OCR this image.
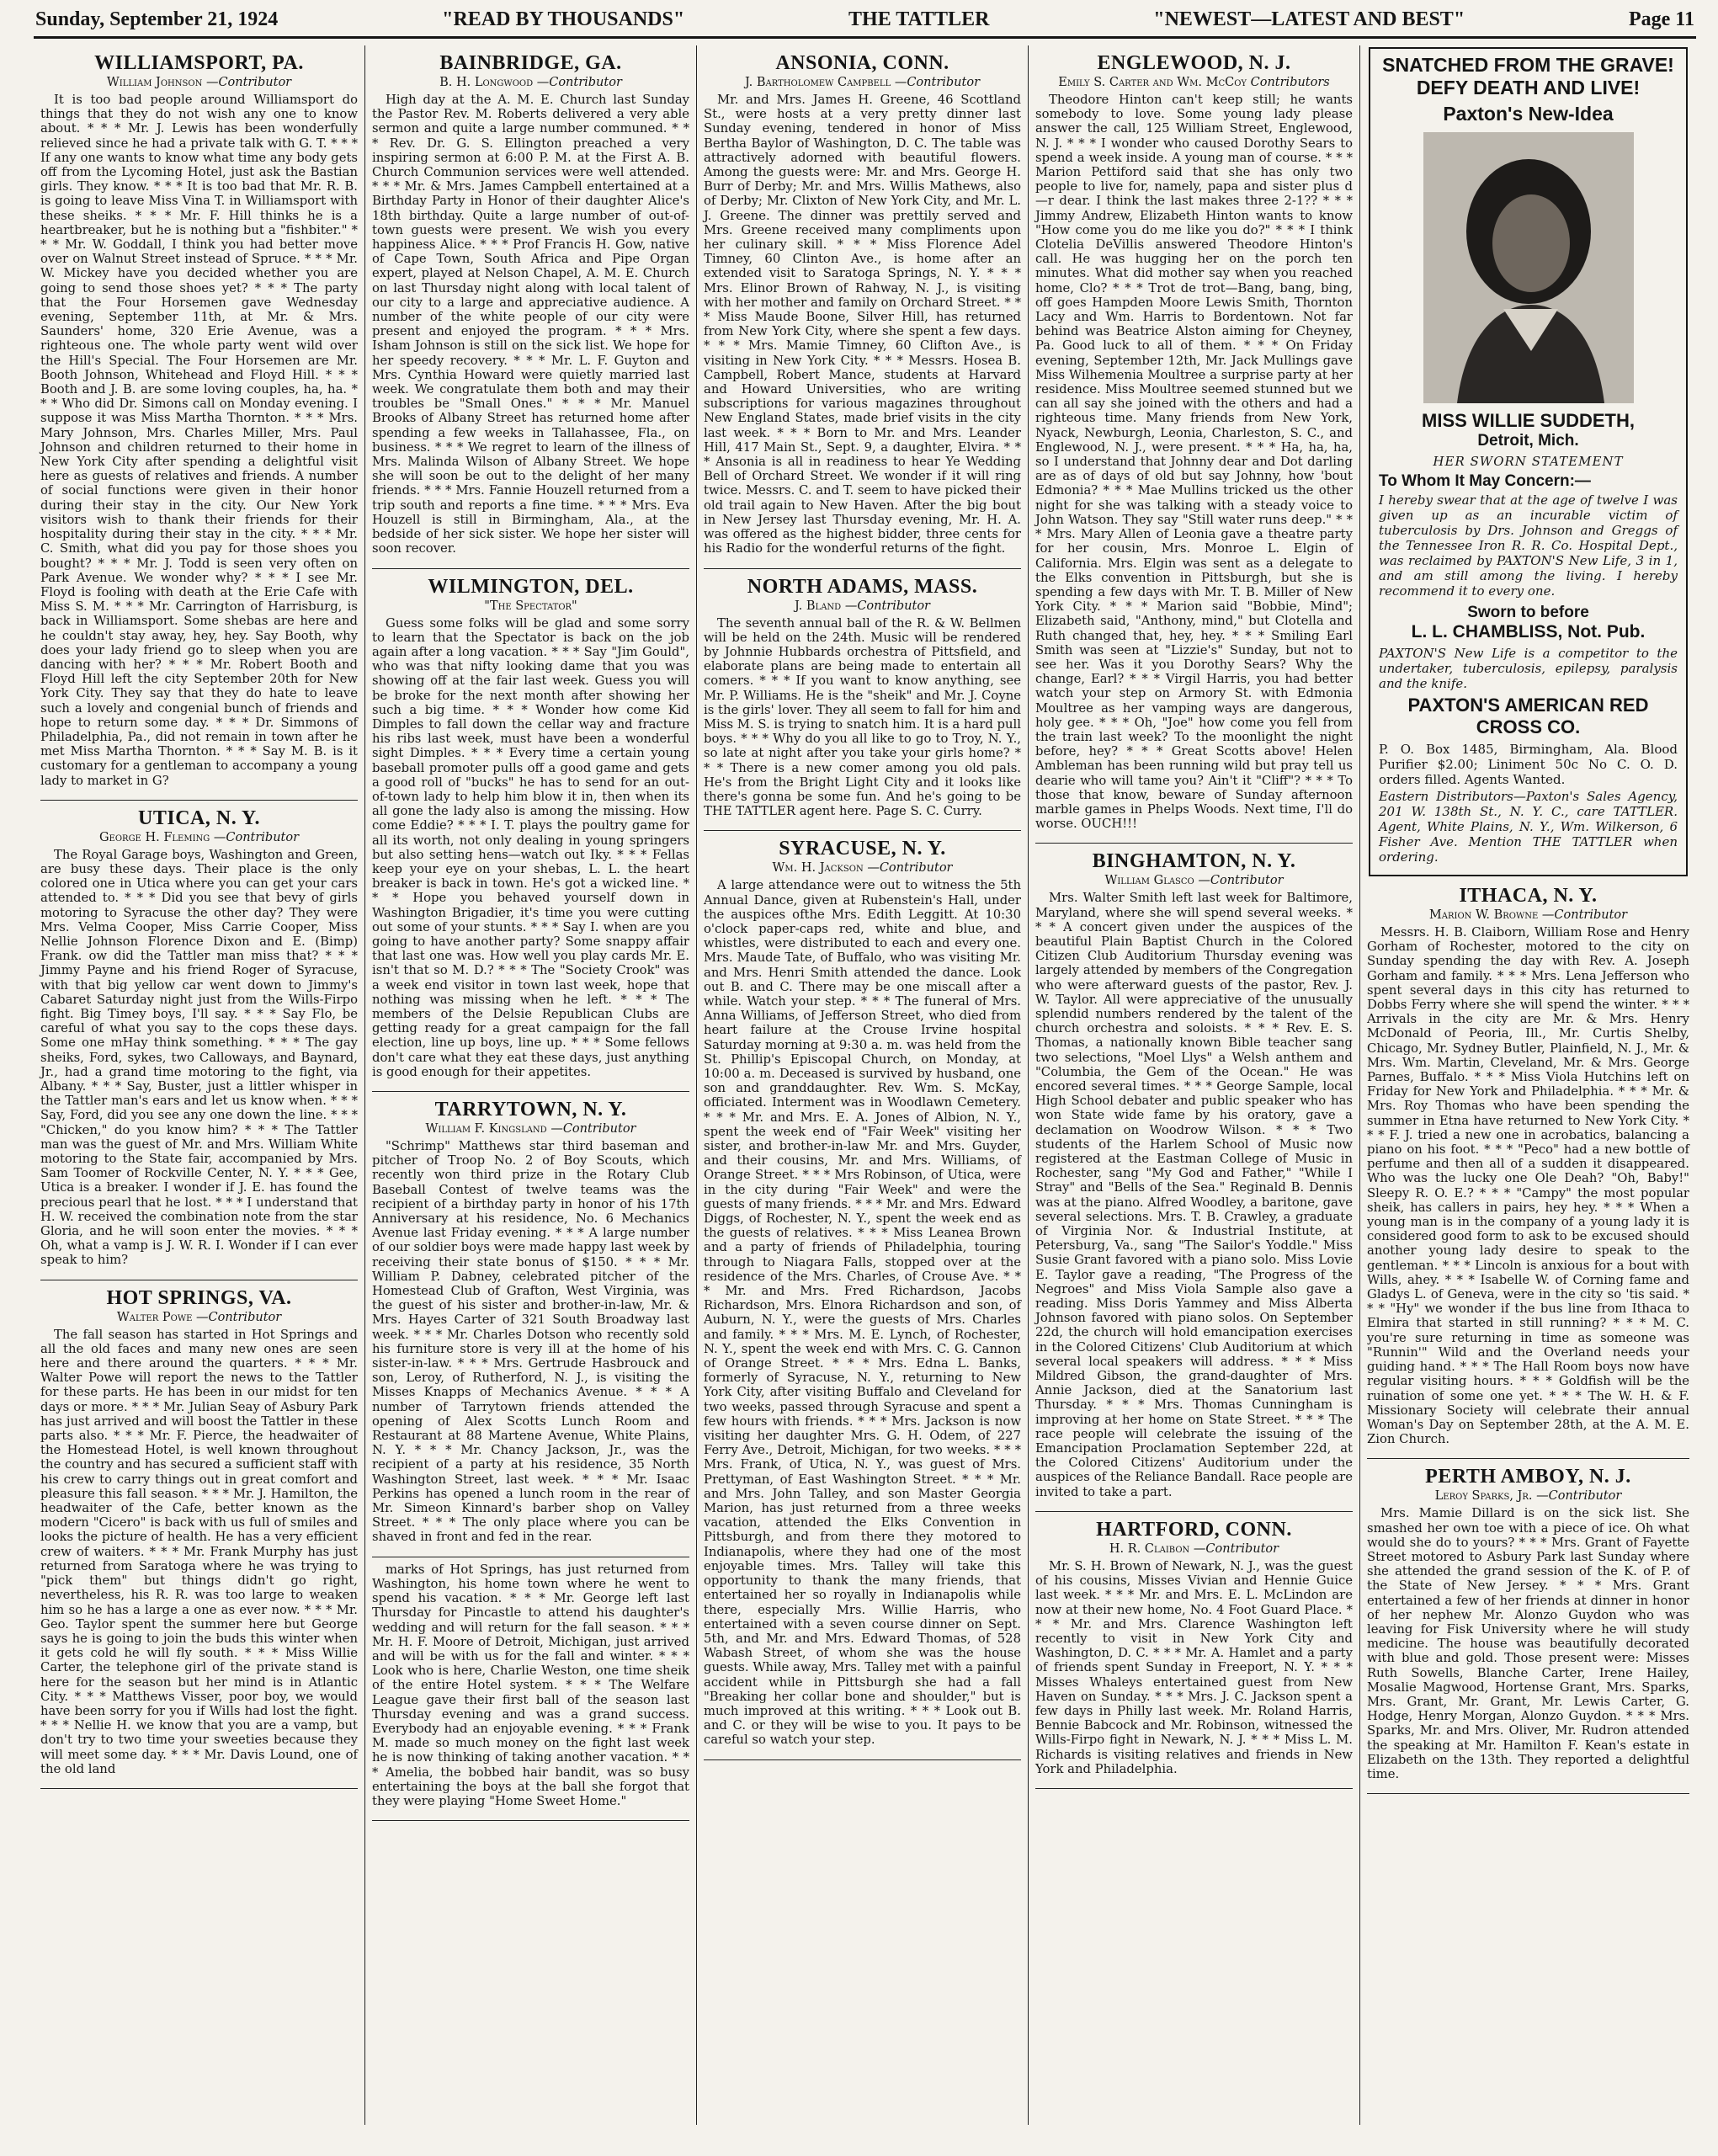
Sunday, September 21, 1924	"READ BY THOUSANDS"	THE TATTLER	"NEWEST—LATEST AND BEST"	Page 11
WILLIAMSPORT, PA.
William Johnson —Contributor

It is too bad people around Williamsport do things that they do not wish any one to know about. * * * Mr. J. Lewis has been wonderfully relieved since he had a private talk with G. T. * * * If any one wants to know what time any body gets off from the Lycoming Hotel, just ask the Bastian girls. They know. * * * It is too bad that Mr. R. B. is going to leave Miss Vina T. in Williamsport with these sheiks. * * * Mr. F. Hill thinks he is a heartbreaker, but he is nothing but a "fishbiter." * * * Mr. W. Goddall, I think you had better move over on Walnut Street instead of Spruce. * * * Mr. W. Mickey have you decided whether you are going to send those shoes yet? * * * The party that the Four Horsemen gave Wednesday evening, September 11th, at Mr. & Mrs. Saunders' home, 320 Erie Avenue, was a righteous one. The whole party went wild over the Hill's Special. The Four Horsemen are Mr. Booth Johnson, Whitehead and Floyd Hill. * * * Booth and J. B. are some loving couples, ha, ha. * * * Who did Dr. Simons call on Monday evening. I suppose it was Miss Martha Thornton. * * * Mrs. Mary Johnson, Mrs. Charles Miller, Mrs. Paul Johnson and children returned to their home in New York City after spending a delightful visit here as guests of relatives and friends. A number of social functions were given in their honor during their stay in the city. Our New York visitors wish to thank their friends for their hospitality during their stay in the city. * * * Mr. C. Smith, what did you pay for those shoes you bought? * * * Mr. J. Todd is seen very often on Park Avenue. We wonder why? * * * I see Mr. Floyd is fooling with death at the Erie Cafe with Miss S. M. * * * Mr. Carrington of Harrisburg, is back in Williamsport. Some shebas are here and he couldn't stay away, hey, hey. Say Booth, why does your lady friend go to sleep when you are dancing with her? * * * Mr. Robert Booth and Floyd Hill left the city September 20th for New York City. They say that they do hate to leave such a lovely and congenial bunch of friends and hope to return some day. * * * Dr. Simmons of Philadelphia, Pa., did not remain in town after he met Miss Martha Thornton. * * * Say M. B. is it customary for a gentleman to accompany a young lady to market in G?

UTICA, N. Y.
George H. Fleming —Contributor

The Royal Garage boys, Washington and Green, are busy these days. Their place is the only colored one in Utica where you can get your cars attended to. * * * Did you see that bevy of girls motoring to Syracuse the other day? They were Mrs. Velma Cooper, Miss Carrie Cooper, Miss Nellie Johnson Florence Dixon and E. (Bimp) Frank. ow did the Tattler man miss that? * * * Jimmy Payne and his friend Roger of Syracuse, with that big yellow car went down to Jimmy's Cabaret Saturday night just from the Wills-Firpo fight. Big Timey boys, I'll say. * * * Say Flo, be careful of what you say to the cops these days. Some one mHay think something. * * * The gay sheiks, Ford, sykes, two Calloways, and Baynard, Jr., had a grand time motoring to the fight, via Albany. * * * Say, Buster, just a littler whisper in the Tattler man's ears and let us know when. * * * Say, Ford, did you see any one down the line. * * * "Chicken," do you know him? * * * The Tattler man was the guest of Mr. and Mrs. William White motoring to the State fair, accompanied by Mrs. Sam Toomer of Rockville Center, N. Y. * * * Gee, Utica is a breaker. I wonder if J. E. has found the precious pearl that he lost. * * * I understand that H. W. received the combination note from the star Gloria, and he will soon enter the movies. * * * Oh, what a vamp is J. W. R. I. Wonder if I can ever speak to him?

HOT SPRINGS, VA.
Walter Powe —Contributor

The fall season has started in Hot Springs and all the old faces and many new ones are seen here and there around the quarters. * * * Mr. Walter Powe will report the news to the Tattler for these parts. He has been in our midst for ten days or more. * * * Mr. Julian Seay of Asbury Park has just arrived and will boost the Tattler in these parts also. * * * Mr. F. Pierce, the headwaiter of the Homestead Hotel, is well known throughout the country and has secured a sufficient staff with his crew to carry things out in great comfort and pleasure this fall season. * * * Mr. J. Hamilton, the headwaiter of the Cafe, better known as the modern "Cicero" is back with us full of smiles and looks the picture of health. He has a very efficient crew of waiters. * * * Mr. Frank Murphy has just returned from Saratoga where he was trying to "pick them" but things didn't go right, nevertheless, his R. R. was too large to weaken him so he has a large a one as ever now. * * * Mr. Geo. Taylor spent the summer here but George says he is going to join the buds this winter when it gets cold he will fly south. * * * Miss Willie Carter, the telephone girl of the private stand is here for the season but her mind is in Atlantic City. * * * Matthews Visser, poor boy, we would have been sorry for you if Wills had lost the fight. * * * Nellie H. we know that you are a vamp, but don't try to two time your sweeties because they will meet some day. * * * Mr. Davis Lound, one of the old land

BAINBRIDGE, GA.
B. H. Longwood —Contributor

High day at the A. M. E. Church last Sunday the Pastor Rev. M. Roberts delivered a very able sermon and quite a large number communed. * * * Rev. Dr. G. S. Ellington preached a very inspiring sermon at 6:00 P. M. at the First A. B. Church Communion services were well attended. * * * Mr. & Mrs. James Campbell entertained at a Birthday Party in Honor of their daughter Alice's 18th birthday. Quite a large number of out-of-town guests were present. We wish you every happiness Alice. * * * Prof Francis H. Gow, native of Cape Town, South Africa and Pipe Organ expert, played at Nelson Chapel, A. M. E. Church on last Thursday night along with local talent of our city to a large and appreciative audience. A number of the white people of our city were present and enjoyed the program. * * * Mrs. Isham Johnson is still on the sick list. We hope for her speedy recovery. * * * Mr. L. F. Guyton and Mrs. Cynthia Howard were quietly married last week. We congratulate them both and may their troubles be "Small Ones." * * * Mr. Manuel Brooks of Albany Street has returned home after spending a few weeks in Tallahassee, Fla., on business. * * * We regret to learn of the illness of Mrs. Malinda Wilson of Albany Street. We hope she will soon be out to the delight of her many friends. * * * Mrs. Fannie Houzell returned from a trip south and reports a fine time. * * * Mrs. Eva Houzell is still in Birmingham, Ala., at the bedside of her sick sister. We hope her sister will soon recover.

WILMINGTON, DEL.
"The Spectator"

Guess some folks will be glad and some sorry to learn that the Spectator is back on the job again after a long vacation. * * * Say "Jim Gould", who was that nifty looking dame that you was showing off at the fair last week. Guess you will be broke for the next month after showing her such a big time. * * * Wonder how come Kid Dimples to fall down the cellar way and fracture his ribs last week, must have been a wonderful sight Dimples. * * * Every time a certain young baseball promoter pulls off a good game and gets a good roll of "bucks" he has to send for an out-of-town lady to help him blow it in, then when its all gone the lady also is among the missing. How come Eddie? * * * I. T. plays the poultry game for all its worth, not only dealing in young springers but also setting hens—watch out Iky. * * * Fellas keep your eye on your shebas, L. L. the heart breaker is back in town. He's got a wicked line. * * * Hope you behaved yourself down in Washington Brigadier, it's time you were cutting out some of your stunts. * * * Say I. when are you going to have another party? Some snappy affair that last one was. How well you play cards Mr. E. isn't that so M. D.? * * * The "Society Crook" was a week end visitor in town last week, hope that nothing was missing when he left. * * * The members of the Delsie Republican Clubs are getting ready for a great campaign for the fall election, line up boys, line up. * * * Some fellows don't care what they eat these days, just anything is good enough for their appetites.

TARRYTOWN, N. Y.
William F. Kingsland —Contributor

"Schrimp" Matthews star third baseman and pitcher of Troop No. 2 of Boy Scouts, which recently won third prize in the Rotary Club Baseball Contest of twelve teams was the recipient of a birthday party in honor of his 17th Anniversary at his residence, No. 6 Mechanics Avenue last Friday evening. * * * A large number of our soldier boys were made happy last week by receiving their state bonus of $150. * * * Mr. William P. Dabney, celebrated pitcher of the Homestead Club of Grafton, West Virginia, was the guest of his sister and brother-in-law, Mr. & Mrs. Hayes Carter of 321 South Broadway last week. * * * Mr. Charles Dotson who recently sold his furniture store is very ill at the home of his sister-in-law. * * * Mrs. Gertrude Hasbrouck and son, Leroy, of Rutherford, N. J., is visiting the Misses Knapps of Mechanics Avenue. * * * A number of Tarrytown friends attended the opening of Alex Scotts Lunch Room and Restaurant at 88 Martene Avenue, White Plains, N. Y. * * * Mr. Chancy Jackson, Jr., was the recipient of a party at his residence, 35 North Washington Street, last week. * * * Mr. Isaac Perkins has opened a lunch room in the rear of Mr. Simeon Kinnard's barber shop on Valley Street. * * * The only place where you can be shaved in front and fed in the rear.

marks of Hot Springs, has just returned from Washington, his home town where he went to spend his vacation. * * * Mr. George left last Thursday for Pincastle to attend his daughter's wedding and will return for the fall season. * * * Mr. H. F. Moore of Detroit, Michigan, just arrived and will be with us for the fall and winter. * * * Look who is here, Charlie Weston, one time sheik of the entire Hotel system. * * * The Welfare League gave their first ball of the season last Thursday evening and was a grand success. Everybody had an enjoyable evening. * * * Frank M. made so much money on the fight last week he is now thinking of taking another vacation. * * * Amelia, the bobbed hair bandit, was so busy entertaining the boys at the ball she forgot that they were playing "Home Sweet Home."

ANSONIA, CONN.
J. Bartholomew Campbell —Contributor

Mr. and Mrs. James H. Greene, 46 Scottland St., were hosts at a very pretty dinner last Sunday evening, tendered in honor of Miss Bertha Baylor of Washington, D. C. The table was attractively adorned with beautiful flowers. Among the guests were: Mr. and Mrs. George H. Burr of Derby; Mr. and Mrs. Willis Mathews, also of Derby; Mr. Clixton of New York City, and Mr. L. J. Greene. The dinner was prettily served and Mrs. Greene received many compliments upon her culinary skill. * * * Miss Florence Adel Timney, 60 Clinton Ave., is home after an extended visit to Saratoga Springs, N. Y. * * * Mrs. Elinor Brown of Rahway, N. J., is visiting with her mother and family on Orchard Street. * * * Miss Maude Boone, Silver Hill, has returned from New York City, where she spent a few days. * * * Mrs. Mamie Timney, 60 Clifton Ave., is visiting in New York City. * * * Messrs. Hosea B. Campbell, Robert Mance, students at Harvard and Howard Universities, who are writing subscriptions for various magazines throughout New England States, made brief visits in the city last week. * * * Born to Mr. and Mrs. Leander Hill, 417 Main St., Sept. 9, a daughter, Elvira. * * * Ansonia is all in readiness to hear Ye Wedding Bell of Orchard Street. We wonder if it will ring twice. Messrs. C. and T. seem to have picked their old trail again to New Haven. After the big bout in New Jersey last Thursday evening, Mr. H. A. was offered as the highest bidder, three cents for his Radio for the wonderful returns of the fight.

NORTH ADAMS, MASS.
J. Bland —Contributor

The seventh annual ball of the R. & W. Bellmen will be held on the 24th. Music will be rendered by Johnnie Hubbards orchestra of Pittsfield, and elaborate plans are being made to entertain all comers. * * * If you want to know anything, see Mr. P. Williams. He is the "sheik" and Mr. J. Coyne is the girls' lover. They all seem to fall for him and Miss M. S. is trying to snatch him. It is a hard pull boys. * * * Why do you all like to go to Troy, N. Y., so late at night after you take your girls home? * * * There is a new comer among you old pals. He's from the Bright Light City and it looks like there's gonna be some fun. And he's going to be THE TATTLER agent here. Page S. C. Curry.

SYRACUSE, N. Y.
Wm. H. Jackson —Contributor

A large attendance were out to witness the 5th Annual Dance, given at Rubenstein's Hall, under the auspices ofthe Mrs. Edith Leggitt. At 10:30 o'clock paper-caps red, white and blue, and whistles, were distributed to each and every one. Mrs. Maude Tate, of Buffalo, who was visiting Mr. and Mrs. Henri Smith attended the dance. Look out B. and C. There may be one miscall after a while. Watch your step. * * * The funeral of Mrs. Anna Williams, of Jefferson Street, who died from heart failure at the Crouse Irvine hospital Saturday morning at 9:30 a. m. was held from the St. Phillip's Episcopal Church, on Monday, at 10:00 a. m. Deceased is survived by husband, one son and granddaughter. Rev. Wm. S. McKay, officiated. Interment was in Woodlawn Cemetery. * * * Mr. and Mrs. E. A. Jones of Albion, N. Y., spent the week end of "Fair Week" visiting her sister, and brother-in-law Mr. and Mrs. Guyder, and their cousins, Mr. and Mrs. Williams, of Orange Street. * * * Mrs Robinson, of Utica, were in the city during "Fair Week" and were the guests of many friends. * * * Mr. and Mrs. Edward Diggs, of Rochester, N. Y., spent the week end as the guests of relatives. * * * Miss Leanea Brown and a party of friends of Philadelphia, touring through to Niagara Falls, stopped over at the residence of the Mrs. Charles, of Crouse Ave. * * * Mr. and Mrs. Fred Richardson, Jacobs Richardson, Mrs. Elnora Richardson and son, of Auburn, N. Y., were the guests of Mrs. Charles and family. * * * Mrs. M. E. Lynch, of Rochester, N. Y., spent the week end with Mrs. C. G. Cannon of Orange Street. * * * Mrs. Edna L. Banks, formerly of Syracuse, N. Y., returning to New York City, after visiting Buffalo and Cleveland for two weeks, passed through Syracuse and spent a few hours with friends. * * * Mrs. Jackson is now visiting her daughter Mrs. G. H. Odem, of 227 Ferry Ave., Detroit, Michigan, for two weeks. * * * Mrs. Frank, of Utica, N. Y., was guest of Mrs. Prettyman, of East Washington Street. * * * Mr. and Mrs. John Talley, and son Master Georgia Marion, has just returned from a three weeks vacation, attended the Elks Convention in Pittsburgh, and from there they motored to Indianapolis, where they had one of the most enjoyable times. Mrs. Talley will take this opportunity to thank the many friends, that entertained her so royally in Indianapolis while there, especially Mrs. Willie Harris, who entertained with a seven course dinner on Sept. 5th, and Mr. and Mrs. Edward Thomas, of 528 Wabash Street, of whom she was the house guests. While away, Mrs. Talley met with a painful accident while in Pittsburgh she had a fall "Breaking her collar bone and shoulder," but is much improved at this writing. * * * Look out B. and C. or they will be wise to you. It pays to be careful so watch your step.

ENGLEWOOD, N. J.
Emily S. Carter and Wm. McCoy Contributors

Theodore Hinton can't keep still; he wants somebody to love. Some young lady please answer the call, 125 William Street, Englewood, N. J. * * * I wonder who caused Dorothy Sears to spend a week inside. A young man of course. * * * Marion Pettiford said that she has only two people to live for, namely, papa and sister plus d—r dear. I think the last makes three 2-1?? * * * Jimmy Andrew, Elizabeth Hinton wants to know "How come you do me like you do?" * * * I think Clotelia DeVillis answered Theodore Hinton's call. He was hugging her on the porch ten minutes. What did mother say when you reached home, Clo? * * * Trot de trot—Bang, bang, bing, off goes Hampden Moore Lewis Smith, Thornton Lacy and Wm. Harris to Bordentown. Not far behind was Beatrice Alston aiming for Cheyney, Pa. Good luck to all of them. * * * On Friday evening, September 12th, Mr. Jack Mullings gave Miss Wilhemenia Moultree a surprise party at her residence. Miss Moultree seemed stunned but we can all say she joined with the others and had a righteous time. Many friends from New York, Nyack, Newburgh, Leonia, Charleston, S. C., and Englewood, N. J., were present. * * * Ha, ha, ha, so I understand that Johnny dear and Dot darling are as of days of old but say Johnny, how 'bout Edmonia? * * * Mae Mullins tricked us the other night for she was talking with a steady voice to John Watson. They say "Still water runs deep." * * * Mrs. Mary Allen of Leonia gave a theatre party for her cousin, Mrs. Monroe L. Elgin of California. Mrs. Elgin was sent as a delegate to the Elks convention in Pittsburgh, but she is spending a few days with Mr. T. B. Miller of New York City. * * * Marion said "Bobbie, Mind"; Elizabeth said, "Anthony, mind," but Clotella and Ruth changed that, hey, hey. * * * Smiling Earl Smith was seen at "Lizzie's" Sunday, but not to see her. Was it you Dorothy Sears? Why the change, Earl? * * * Virgil Harris, you had better watch your step on Armory St. with Edmonia Moultree as her vamping ways are dangerous, holy gee. * * * Oh, "Joe" how come you fell from the train last week? To the moonlight the night before, hey? * * * Great Scotts above! Helen Ambleman has been running wild but pray tell us dearie who will tame you? Ain't it "Cliff"? * * * To those that know, beware of Sunday afternoon marble games in Phelps Woods. Next time, I'll do worse. OUCH!!!

BINGHAMTON, N. Y.
William Glasco —Contributor

Mrs. Walter Smith left last week for Baltimore, Maryland, where she will spend several weeks. * * * A concert given under the auspices of the beautiful Plain Baptist Church in the Colored Citizen Club Auditorium Thursday evening was largely attended by members of the Congregation who were afterward guests of the pastor, Rev. J. W. Taylor. All were appreciative of the unusually splendid numbers rendered by the talent of the church orchestra and soloists. * * * Rev. E. S. Thomas, a nationally known Bible teacher sang two selections, "Moel Llys" a Welsh anthem and "Columbia, the Gem of the Ocean." He was encored several times. * * * George Sample, local High School debater and public speaker who has won State wide fame by his oratory, gave a declamation on Woodrow Wilson. * * * Two students of the Harlem School of Music now registered at the Eastman College of Music in Rochester, sang "My God and Father," "While I Stray" and "Bells of the Sea." Reginald B. Dennis was at the piano. Alfred Woodley, a baritone, gave several selections. Mrs. T. B. Crawley, a graduate of Virginia Nor. & Industrial Institute, at Petersburg, Va., sang "The Sailor's Yoddle." Miss Susie Grant favored with a piano solo. Miss Lovie E. Taylor gave a reading, "The Progress of the Negroes" and Miss Viola Sample also gave a reading. Miss Doris Yammey and Miss Alberta Johnson favored with piano solos. On September 22d, the church will hold emancipation exercises in the Colored Citizens' Club Auditorium at which several local speakers will address. * * * Miss Mildred Gibson, the grand-daughter of Mrs. Annie Jackson, died at the Sanatorium last Thursday. * * * Mrs. Thomas Cunningham is improving at her home on State Street. * * * The race people will celebrate the issuing of the Emancipation Proclamation September 22d, at the Colored Citizens' Auditorium under the auspices of the Reliance Bandall. Race people are invited to take a part.

HARTFORD, CONN.
H. R. Claibon —Contributor

Mr. S. H. Brown of Newark, N. J., was the guest of his cousins, Misses Vivian and Hennie Guice last week. * * * Mr. and Mrs. E. L. McLindon are now at their new home, No. 4 Foot Guard Place. * * * Mr. and Mrs. Clarence Washington left recently to visit in New York City and Washington, D. C. * * * Mr. A. Hamlet and a party of friends spent Sunday in Freeport, N. Y. * * * Misses Whaleys entertained guest from New Haven on Sunday. * * * Mrs. J. C. Jackson spent a few days in Philly last week. Mr. Roland Harris, Bennie Babcock and Mr. Robinson, witnessed the Wills-Firpo fight in Newark, N. J. * * * Miss L. M. Richards is visiting relatives and friends in New York and Philadelphia.

SNATCHED FROM THE GRAVE!

DEFY DEATH AND LIVE!

Paxton's New-Idea

MISS WILLIE SUDDETH,

Detroit, Mich.

HER SWORN STATEMENT

To Whom It May Concern:—

I hereby swear that at the age of twelve I was given up as an incurable victim of tuberculosis by Drs. Johnson and Greggs of the Tennessee Iron R. R. Co. Hospital Dept., was reclaimed by PAXTON'S New Life, 3 in 1, and am still among the living. I hereby recommend it to every one.

Sworn to before

L. L. CHAMBLISS, Not. Pub.

PAXTON'S New Life is a competitor to the undertaker, tuberculosis, epilepsy, paralysis and the knife.

PAXTON'S AMERICAN RED CROSS CO.

P. O. Box 1485, Birmingham, Ala. Blood Purifier $2.00; Liniment 50c No C. O. D. orders filled. Agents Wanted.

Eastern Distributors—Paxton's Sales Agency, 201 W. 138th St., N. Y. C., care TATTLER. Agent, White Plains, N. Y., Wm. Wilkerson, 6 Fisher Ave. Mention THE TATTLER when ordering.

ITHACA, N. Y.
Marion W. Browne —Contributor

Messrs. H. B. Claiborn, William Rose and Henry Gorham of Rochester, motored to the city on Sunday spending the day with Rev. A. Joseph Gorham and family. * * * Mrs. Lena Jefferson who spent several days in this city has returned to Dobbs Ferry where she will spend the winter. * * * Arrivals in the city are Mr. & Mrs. Henry McDonald of Peoria, Ill., Mr. Curtis Shelby, Chicago, Mr. Sydney Butler, Plainfield, N. J., Mr. & Mrs. Wm. Martin, Cleveland, Mr. & Mrs. George Parnes, Buffalo. * * * Miss Viola Hutchins left on Friday for New York and Philadelphia. * * * Mr. & Mrs. Roy Thomas who have been spending the summer in Etna have returned to New York City. * * * F. J. tried a new one in acrobatics, balancing a piano on his foot. * * * "Peco" had a new bottle of perfume and then all of a sudden it disappeared. Who was the lucky one Ole Deah? "Oh, Baby!" Sleepy R. O. E.? * * * "Campy" the most popular sheik, has callers in pairs, hey hey. * * * When a young man is in the company of a young lady it is considered good form to ask to be excused should another young lady desire to speak to the gentleman. * * * Lincoln is anxious for a bout with Wills, ahey. * * * Isabelle W. of Corning fame and Gladys L. of Geneva, were in the city so 'tis said. * * * "Hy" we wonder if the bus line from Ithaca to Elmira that started in still running? * * * M. C. you're sure returning in time as someone was "Runnin'" Wild and the Overland needs your guiding hand. * * * The Hall Room boys now have regular visiting hours. * * * Goldfish will be the ruination of some one yet. * * * The W. H. & F. Missionary Society will celebrate their annual Woman's Day on September 28th, at the A. M. E. Zion Church.

PERTH AMBOY, N. J.
Leroy Sparks, Jr. —Contributor

Mrs. Mamie Dillard is on the sick list. She smashed her own toe with a piece of ice. Oh what would she do to yours? * * * Mrs. Grant of Fayette Street motored to Asbury Park last Sunday where she attended the grand session of the K. of P. of the State of New Jersey. * * * Mrs. Grant entertained a few of her friends at dinner in honor of her nephew Mr. Alonzo Guydon who was leaving for Fisk University where he will study medicine. The house was beautifully decorated with blue and gold. Those present were: Misses Ruth Sowells, Blanche Carter, Irene Hailey, Mosalie Magwood, Hortense Grant, Mrs. Sparks, Mrs. Grant, Mr. Grant, Mr. Lewis Carter, G. Hodge, Henry Morgan, Alonzo Guydon. * * * Mrs. Sparks, Mr. and Mrs. Oliver, Mr. Rudron attended the speaking at Mr. Hamilton F. Kean's estate in Elizabeth on the 13th. They reported a delightful time.
